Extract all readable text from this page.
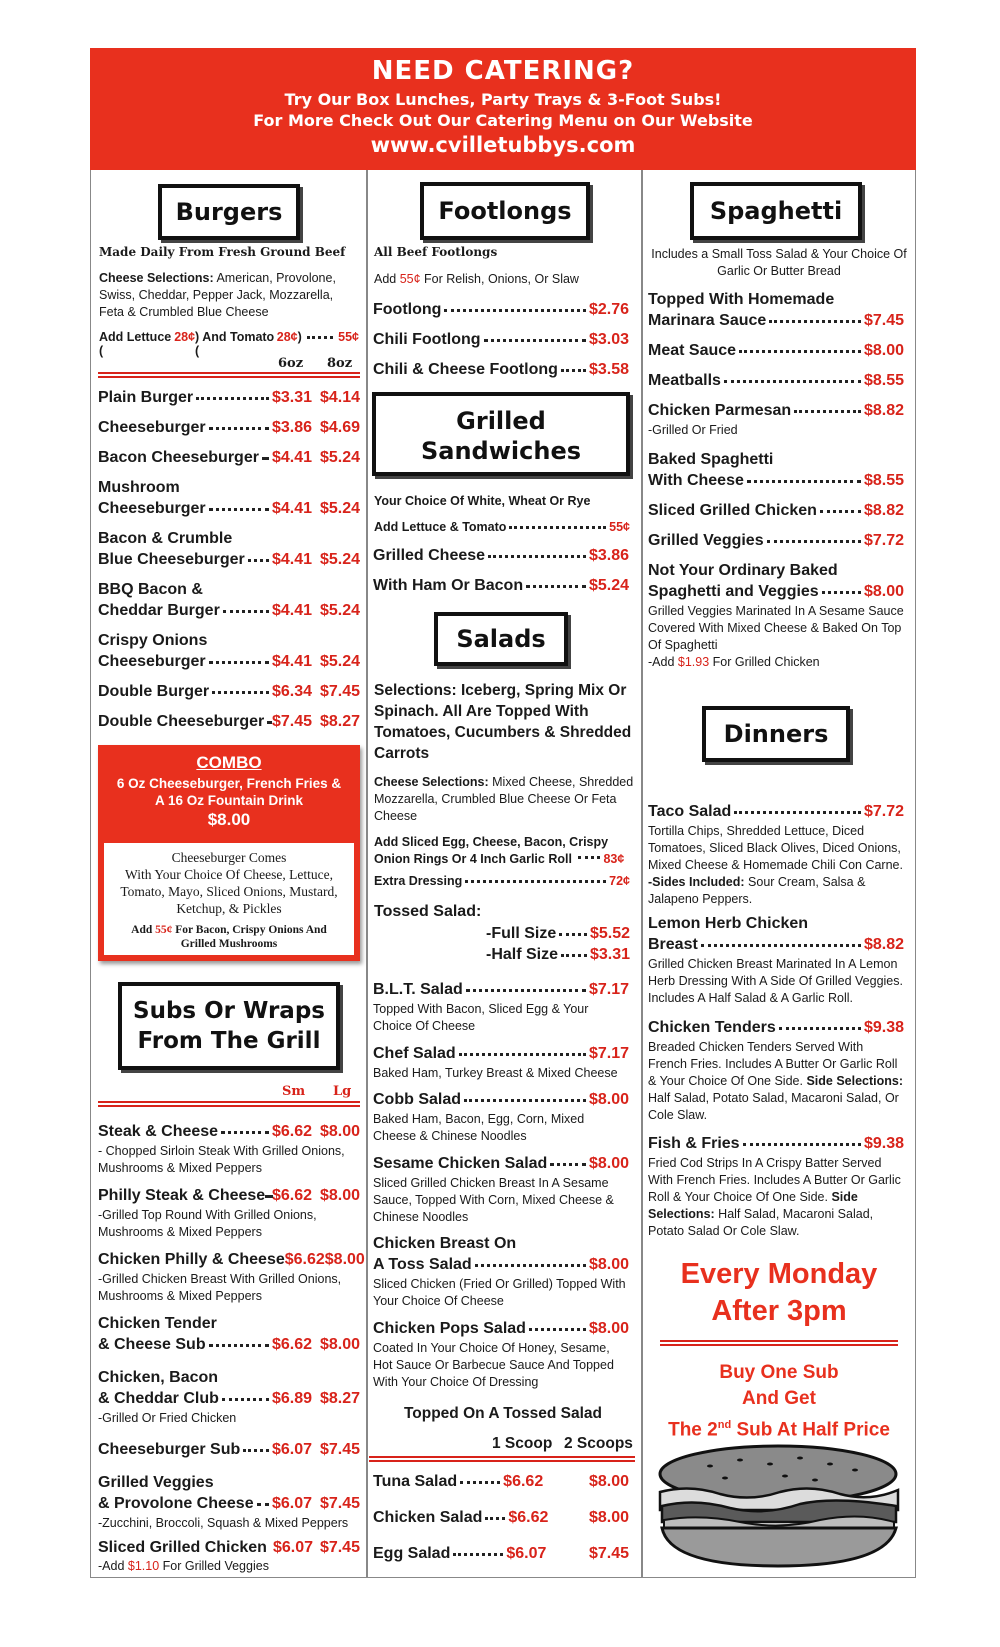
NEED CATERING?
Try Our Box Lunches, Party Trays & 3-Foot Subs!
For More Check Out Our Catering Menu on Our Website
www.cvilletubbys.com
Burgers
Made Daily From Fresh Ground Beef
Cheese Selections: American, Provolone, Swiss, Cheddar, Pepper Jack, Mozzarella, Feta & Crumbled Blue Cheese
Add Lettuce (
28¢ ) And Tomato (
28¢ )	55¢
6oz 8oz
Plain Burger	$3.31 $4.14
Cheeseburger	$3.86 $4.69
Bacon Cheeseburger $4.41 $5.24
Mushroom
Cheeseburger	$4.41 $5.24
Bacon & Crumble
Blue Cheeseburger $4.41 $5.24
BBQ Bacon &
Cheddar Burger	$4.41 $5.24
Crispy Onions
Cheeseburger	$4.41 $5.24
Double Burger	$6.34 $7.45
Double Cheeseburger $7.45 $8.27
COMBO
6 Oz Cheeseburger, French Fries &
A 16 Oz Fountain Drink
$8.00
Cheeseburger Comes
With Your Choice Of Cheese, Lettuce,
Tomato, Mayo, Sliced Onions, Mustard,
Ketchup, & Pickles
Add 55¢ For Bacon, Crispy Onions And
Grilled Mushrooms
Subs Or Wraps
From The Grill
Sm Lg
Steak & Cheese	$6.62 $8.00
- Chopped Sirloin Steak With Grilled Onions,
Mushrooms & Mixed Peppers
Philly Steak & Cheese $6.62 $8.00
-Grilled Top Round With Grilled Onions,
Mushrooms & Mixed Peppers
Chicken Philly & Cheese $6.62 $8.00
-Grilled Chicken Breast With Grilled Onions,
Mushrooms & Mixed Peppers
Chicken Tender
& Cheese Sub	$6.62 $8.00
Chicken, Bacon
& Cheddar Club	$6.89 $8.27
-Grilled Or Fried Chicken
Cheeseburger Sub $6.07 $7.45
Grilled Veggies
& Provolone Cheese $6.07 $7.45
-Zucchini, Broccoli, Squash & Mixed Peppers
Sliced Grilled Chicken $6.07 $7.45
-Add $1.10 For Grilled Veggies
Footlongs
All Beef Footlongs
Add 55¢ For Relish, Onions, Or Slaw
Footlong	$2.76
Chili Footlong	$3.03
Chili & Cheese Footlong $3.58
Grilled
Sandwiches
Your Choice Of White, Wheat Or Rye
Add Lettuce & Tomato	55¢
Grilled Cheese	$3.86
With Ham Or Bacon	$5.24
Salads
Selections: Iceberg, Spring Mix Or Spinach. All Are Topped With Tomatoes, Cucumbers & Shredded Carrots
Cheese Selections: Mixed Cheese, Shredded Mozzarella, Crumbled Blue Cheese Or Feta Cheese
Add Sliced Egg, Cheese, Bacon, Crispy Onion Rings Or 4 Inch Garlic Roll	83¢
Extra Dressing	72¢
Tossed Salad:
-Full Size $5.52
-Half Size $3.31
B.L.T. Salad	$7.17
Topped With Bacon, Sliced Egg & Your Choice Of Cheese
Chef Salad	$7.17
Baked Ham, Turkey Breast & Mixed Cheese
Cobb Salad	$8.00
Baked Ham, Bacon, Egg, Corn, Mixed Cheese & Chinese Noodles
Sesame Chicken Salad	$8.00
Sliced Grilled Chicken Breast In A Sesame Sauce, Topped With Corn, Mixed Cheese & Chinese Noodles
Chicken Breast On
A Toss Salad	$8.00
Sliced Chicken (Fried Or Grilled) Topped With Your Choice Of Cheese
Chicken Pops Salad	$8.00
Coated In Your Choice Of Honey, Sesame, Hot Sauce Or Barbecue Sauce And Topped With Your Choice Of Dressing
Topped On A Tossed Salad
1 Scoop 2 Scoops
Tuna Salad	$6.62	$8.00
Chicken Salad $6.62	$8.00
Egg Salad	$6.07	$7.45
Spaghetti
Includes a Small Toss Salad & Your Choice Of Garlic Or Butter Bread
Topped With Homemade
Marinara Sauce	$7.45
Meat Sauce	$8.00
Meatballs	$8.55
Chicken Parmesan	$8.82
-Grilled Or Fried
Baked Spaghetti
With Cheese	$8.55
Sliced Grilled Chicken	$8.82
Grilled Veggies	$7.72
Not Your Ordinary Baked
Spaghetti and Veggies	$8.00
Grilled Veggies Marinated In A Sesame Sauce Covered With Mixed Cheese & Baked On Top Of Spaghetti
-Add $1.93 For Grilled Chicken
Dinners
Taco Salad	$7.72
Tortilla Chips, Shredded Lettuce, Diced Tomatoes, Sliced Black Olives, Diced Onions, Mixed Cheese & Homemade Chili Con Carne. -Sides Included: Sour Cream, Salsa & Jalapeno Peppers.
Lemon Herb Chicken
Breast	$8.82
Grilled Chicken Breast Marinated In A Lemon Herb Dressing With A Side Of Grilled Veggies. Includes A Half Salad & A Garlic Roll.
Chicken Tenders	$9.38
Breaded Chicken Tenders Served With French Fries. Includes A Butter Or Garlic Roll & Your Choice Of One Side. Side Selections: Half Salad, Potato Salad, Macaroni Salad, Or Cole Slaw.
Fish & Fries	$9.38
Fried Cod Strips In A Crispy Batter Served With French Fries. Includes A Butter Or Garlic Roll & Your Choice Of One Side. Side Selections: Half Salad, Macaroni Salad, Potato Salad Or Cole Slaw.
Every Monday
After 3pm
Buy One Sub
And Get
The 2nd Sub At Half Price
